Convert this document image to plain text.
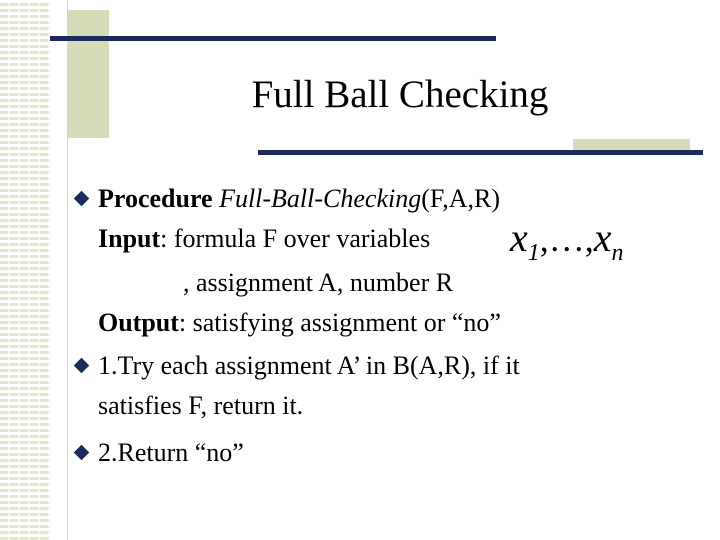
Full Ball Checking
Procedure Full-Ball-Checking(F,A,R)
Input: formula F over variables $x_1,\dots,x_n$
, assignment A, number R
Output: satisfying assignment or “no”
1.Try each assignment A’ in B(A,R), if it
satisfies F, return it.
2.Return “no”
